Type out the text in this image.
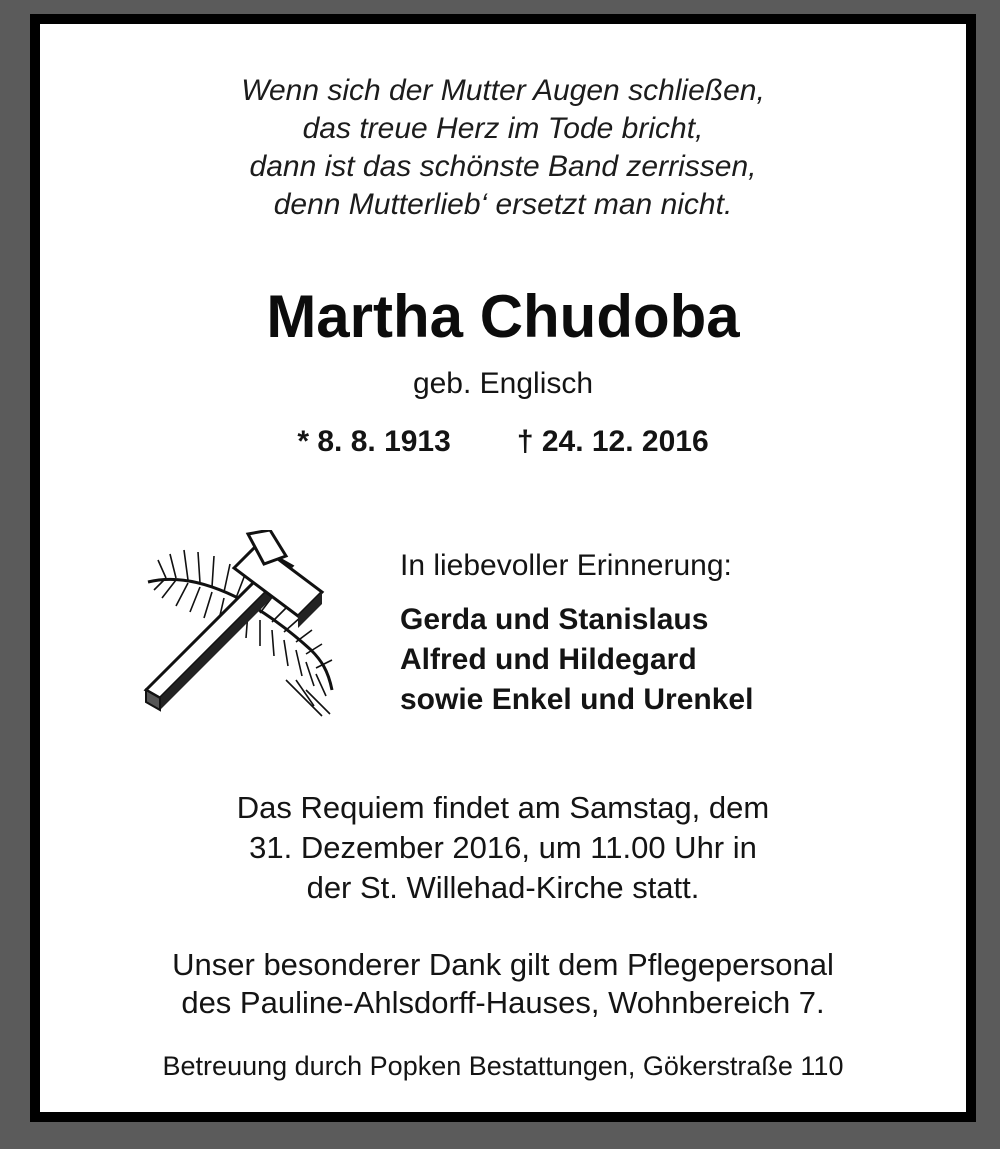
Wenn sich der Mutter Augen schließen,
das treue Herz im Tode bricht,
dann ist das schönste Band zerrissen,
denn Mutterlieb‘ ersetzt man nicht.
Martha Chudoba
geb. Englisch
* 8. 8. 1913 † 24. 12. 2016
In liebevoller Erinnerung:
Gerda und Stanislaus
Alfred und Hildegard
sowie Enkel und Urenkel
Das Requiem findet am Samstag, dem
31. Dezember 2016, um 11.00 Uhr in
der St. Willehad-Kirche statt.
Unser besonderer Dank gilt dem Pflegepersonal
des Pauline-Ahlsdorff-Hauses, Wohnbereich 7.
Betreuung durch Popken Bestattungen, Gökerstraße 110
